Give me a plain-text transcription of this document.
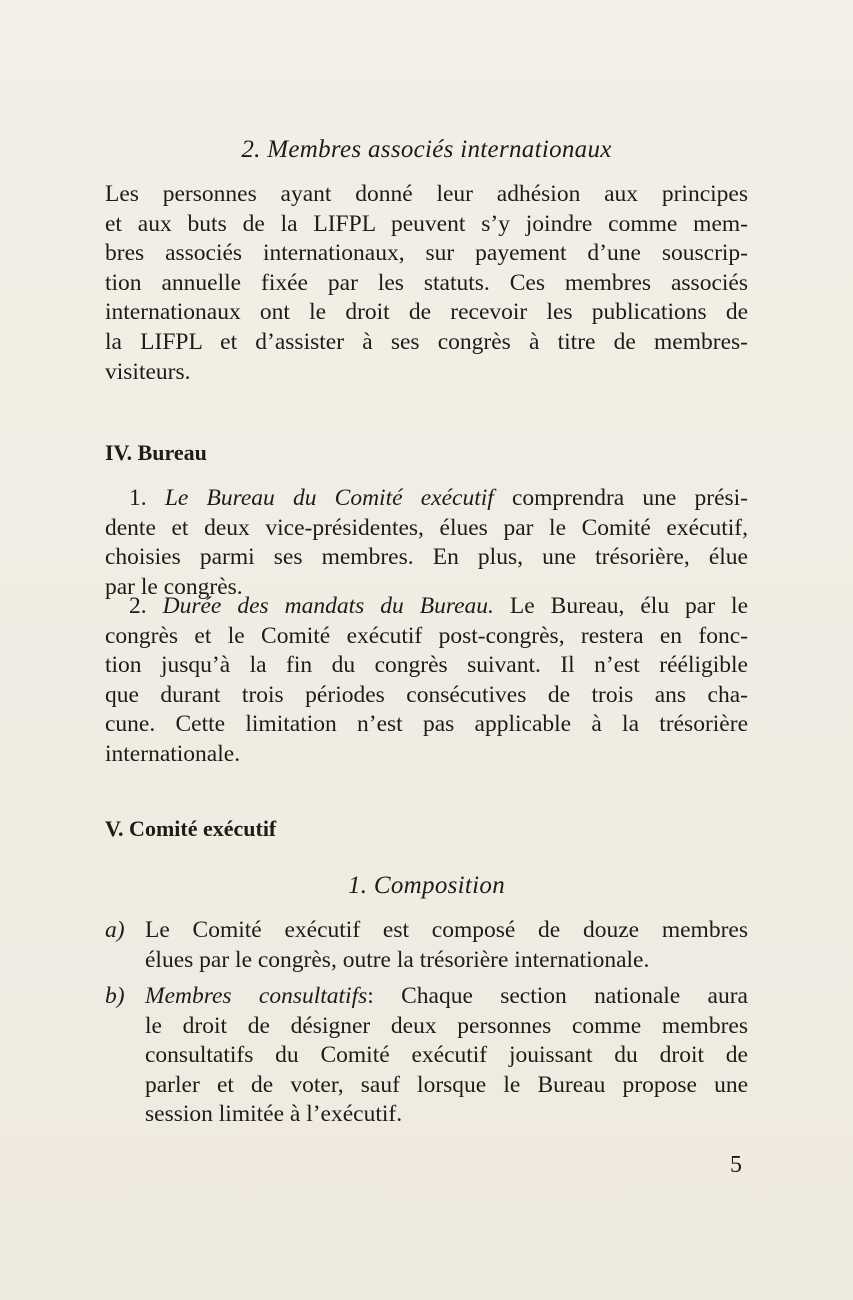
2. Membres associés internationaux
Les personnes ayant donné leur adhésion aux principes
et aux buts de la LIFPL peuvent s’y joindre comme mem-
bres associés internationaux, sur payement d’une souscrip-
tion annuelle fixée par les statuts. Ces membres associés
internationaux ont le droit de recevoir les publications de
la LIFPL et d’assister à ses congrès à titre de membres-
visiteurs.
IV. Bureau
1. Le Bureau du Comité exécutif comprendra une prési-
dente et deux vice-présidentes, élues par le Comité exécutif,
choisies parmi ses membres. En plus, une trésorière, élue
par le congrès.
2. Durée des mandats du Bureau. Le Bureau, élu par le
congrès et le Comité exécutif post-congrès, restera en fonc-
tion jusqu’à la fin du congrès suivant. Il n’est rééligible
que durant trois périodes consécutives de trois ans cha-
cune. Cette limitation n’est pas applicable à la trésorière
internationale.
V. Comité exécutif
1. Composition
a) Le Comité exécutif est composé de douze membres
élues par le congrès, outre la trésorière internationale.
b) Membres consultatifs: Chaque section nationale aura
le droit de désigner deux personnes comme membres
consultatifs du Comité exécutif jouissant du droit de
parler et de voter, sauf lorsque le Bureau propose une
session limitée à l’exécutif.
5
